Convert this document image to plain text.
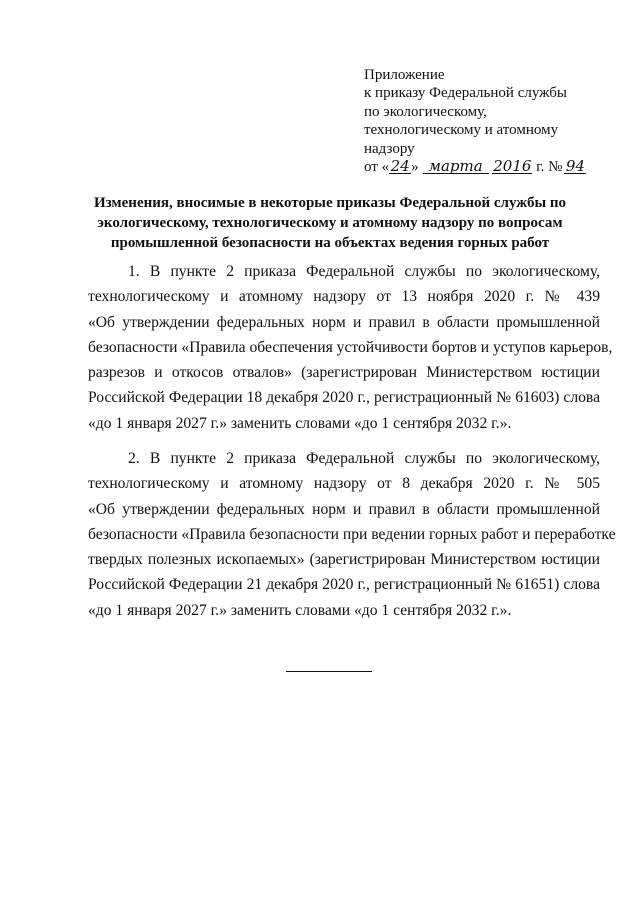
Приложение
к приказу Федеральной службы
по экологическому,
технологическому и атомному
надзору
от «24» марта 2016 г. № 94
Изменения, вносимые в некоторые приказы Федеральной службы по
экологическому, технологическому и атомному надзору по вопросам
промышленной безопасности на объектах ведения горных работ
1. В пункте 2 приказа Федеральной службы по экологическому,
технологическому и атомному надзору от 13 ноября 2020 г. № 439
«Об утверждении федеральных норм и правил в области промышленной
безопасности «Правила обеспечения устойчивости бортов и уступов карьеров,
разрезов и откосов отвалов» (зарегистрирован Министерством юстиции
Российской Федерации 18 декабря 2020 г., регистрационный № 61603) слова
«до 1 января 2027 г.» заменить словами «до 1 сентября 2032 г.».
2. В пункте 2 приказа Федеральной службы по экологическому,
технологическому и атомному надзору от 8 декабря 2020 г. № 505
«Об утверждении федеральных норм и правил в области промышленной
безопасности «Правила безопасности при ведении горных работ и переработке
твердых полезных ископаемых» (зарегистрирован Министерством юстиции
Российской Федерации 21 декабря 2020 г., регистрационный № 61651) слова
«до 1 января 2027 г.» заменить словами «до 1 сентября 2032 г.».
